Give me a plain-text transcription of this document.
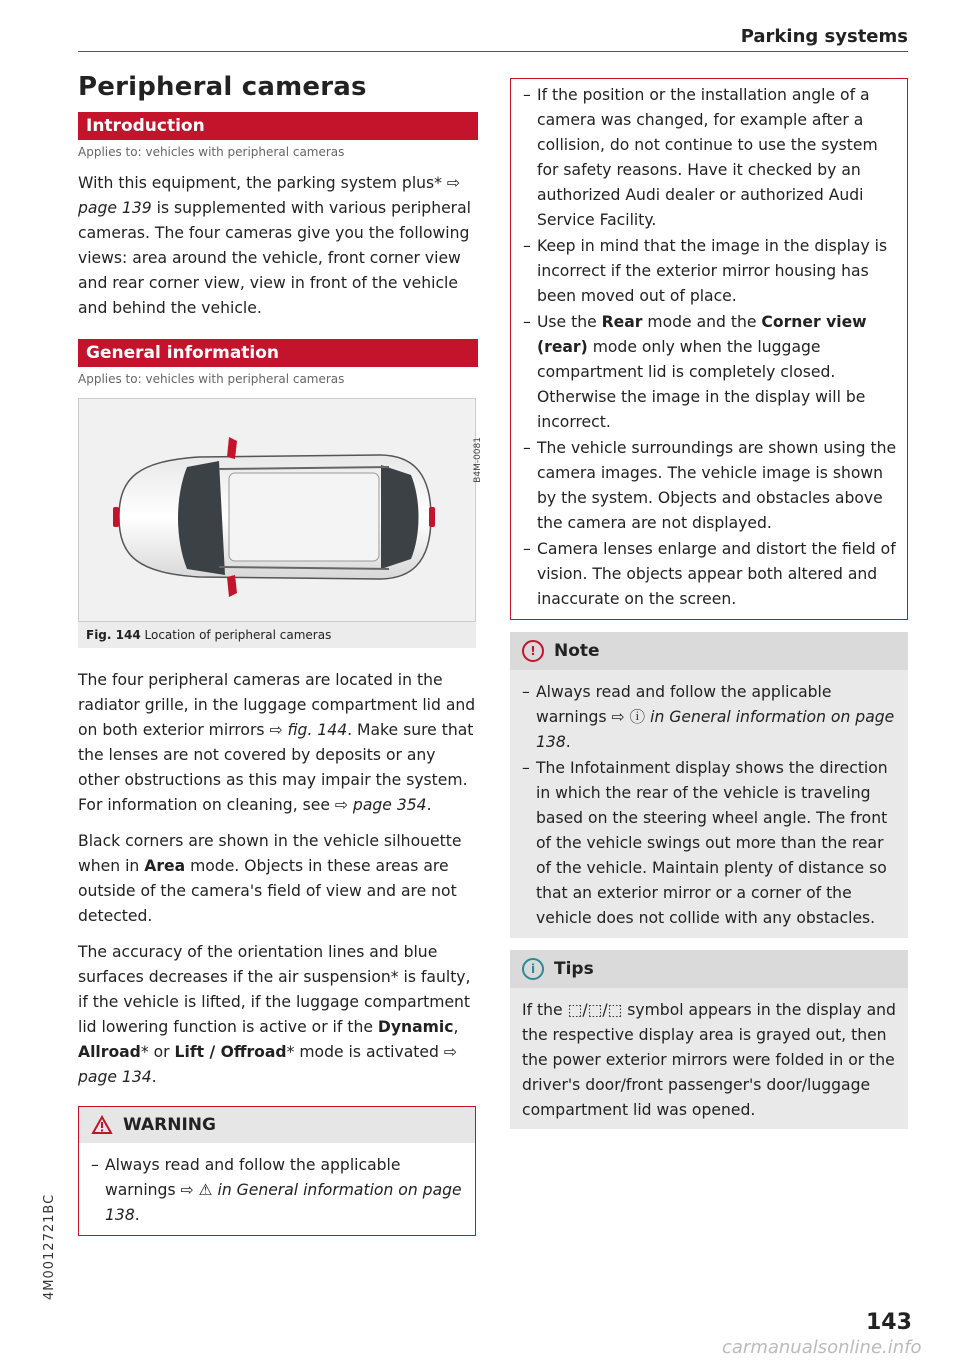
Parking systems
Peripheral cameras
Introduction
Applies to: vehicles with peripheral cameras

With this equipment, the parking system plus* ⇨ page 139 is supplemented with various peripheral cameras. The four cameras give you the following views: area around the vehicle, front corner view and rear corner view, view in front of the vehicle and behind the vehicle.

General information
Applies to: vehicles with peripheral cameras
B4M-0081
Fig. 144 Location of peripheral cameras

The four peripheral cameras are located in the radiator grille, in the luggage compartment lid and on both exterior mirrors ⇨ fig. 144. Make sure that the lenses are not covered by deposits or any other obstructions as this may impair the system. For information on cleaning, see ⇨ page 354.

Black corners are shown in the vehicle silhouette when in Area mode. Objects in these areas are outside of the camera's field of view and are not detected.

The accuracy of the orientation lines and blue surfaces decreases if the air suspension* is faulty, if the vehicle is lifted, if the luggage compartment lid lowering function is active or if the Dynamic, Allroad* or Lift / Offroad* mode is activated ⇨ page 134.

WARNING
– Always read and follow the applicable warnings ⇨ ⚠ in General information on page 138.
– If the position or the installation angle of a camera was changed, for example after a collision, do not continue to use the system for safety reasons. Have it checked by an authorized Audi dealer or authorized Audi Service Facility.
– Keep in mind that the image in the display is incorrect if the exterior mirror housing has been moved out of place.
– Use the Rear mode and the Corner view (rear) mode only when the luggage compartment lid is completely closed. Otherwise the image in the display will be incorrect.
– The vehicle surroundings are shown using the camera images. The vehicle image is shown by the system. Objects and obstacles above the camera are not displayed.
– Camera lenses enlarge and distort the field of vision. The objects appear both altered and inaccurate on the screen.
!	Note
– Always read and follow the applicable warnings ⇨ ⓘ in General information on page 138.
– The Infotainment display shows the direction in which the rear of the vehicle is traveling based on the steering wheel angle. The front of the vehicle swings out more than the rear of the vehicle. Maintain plenty of distance so that an exterior mirror or a corner of the vehicle does not collide with any obstacles.
i	Tips

If the ⬚/⬚/⬚ symbol appears in the display and the respective display area is grayed out, then the power exterior mirrors were folded in or the driver's door/front passenger's door/luggage compartment lid was opened.

4M0012721BC
143
carmanualsonline.info
